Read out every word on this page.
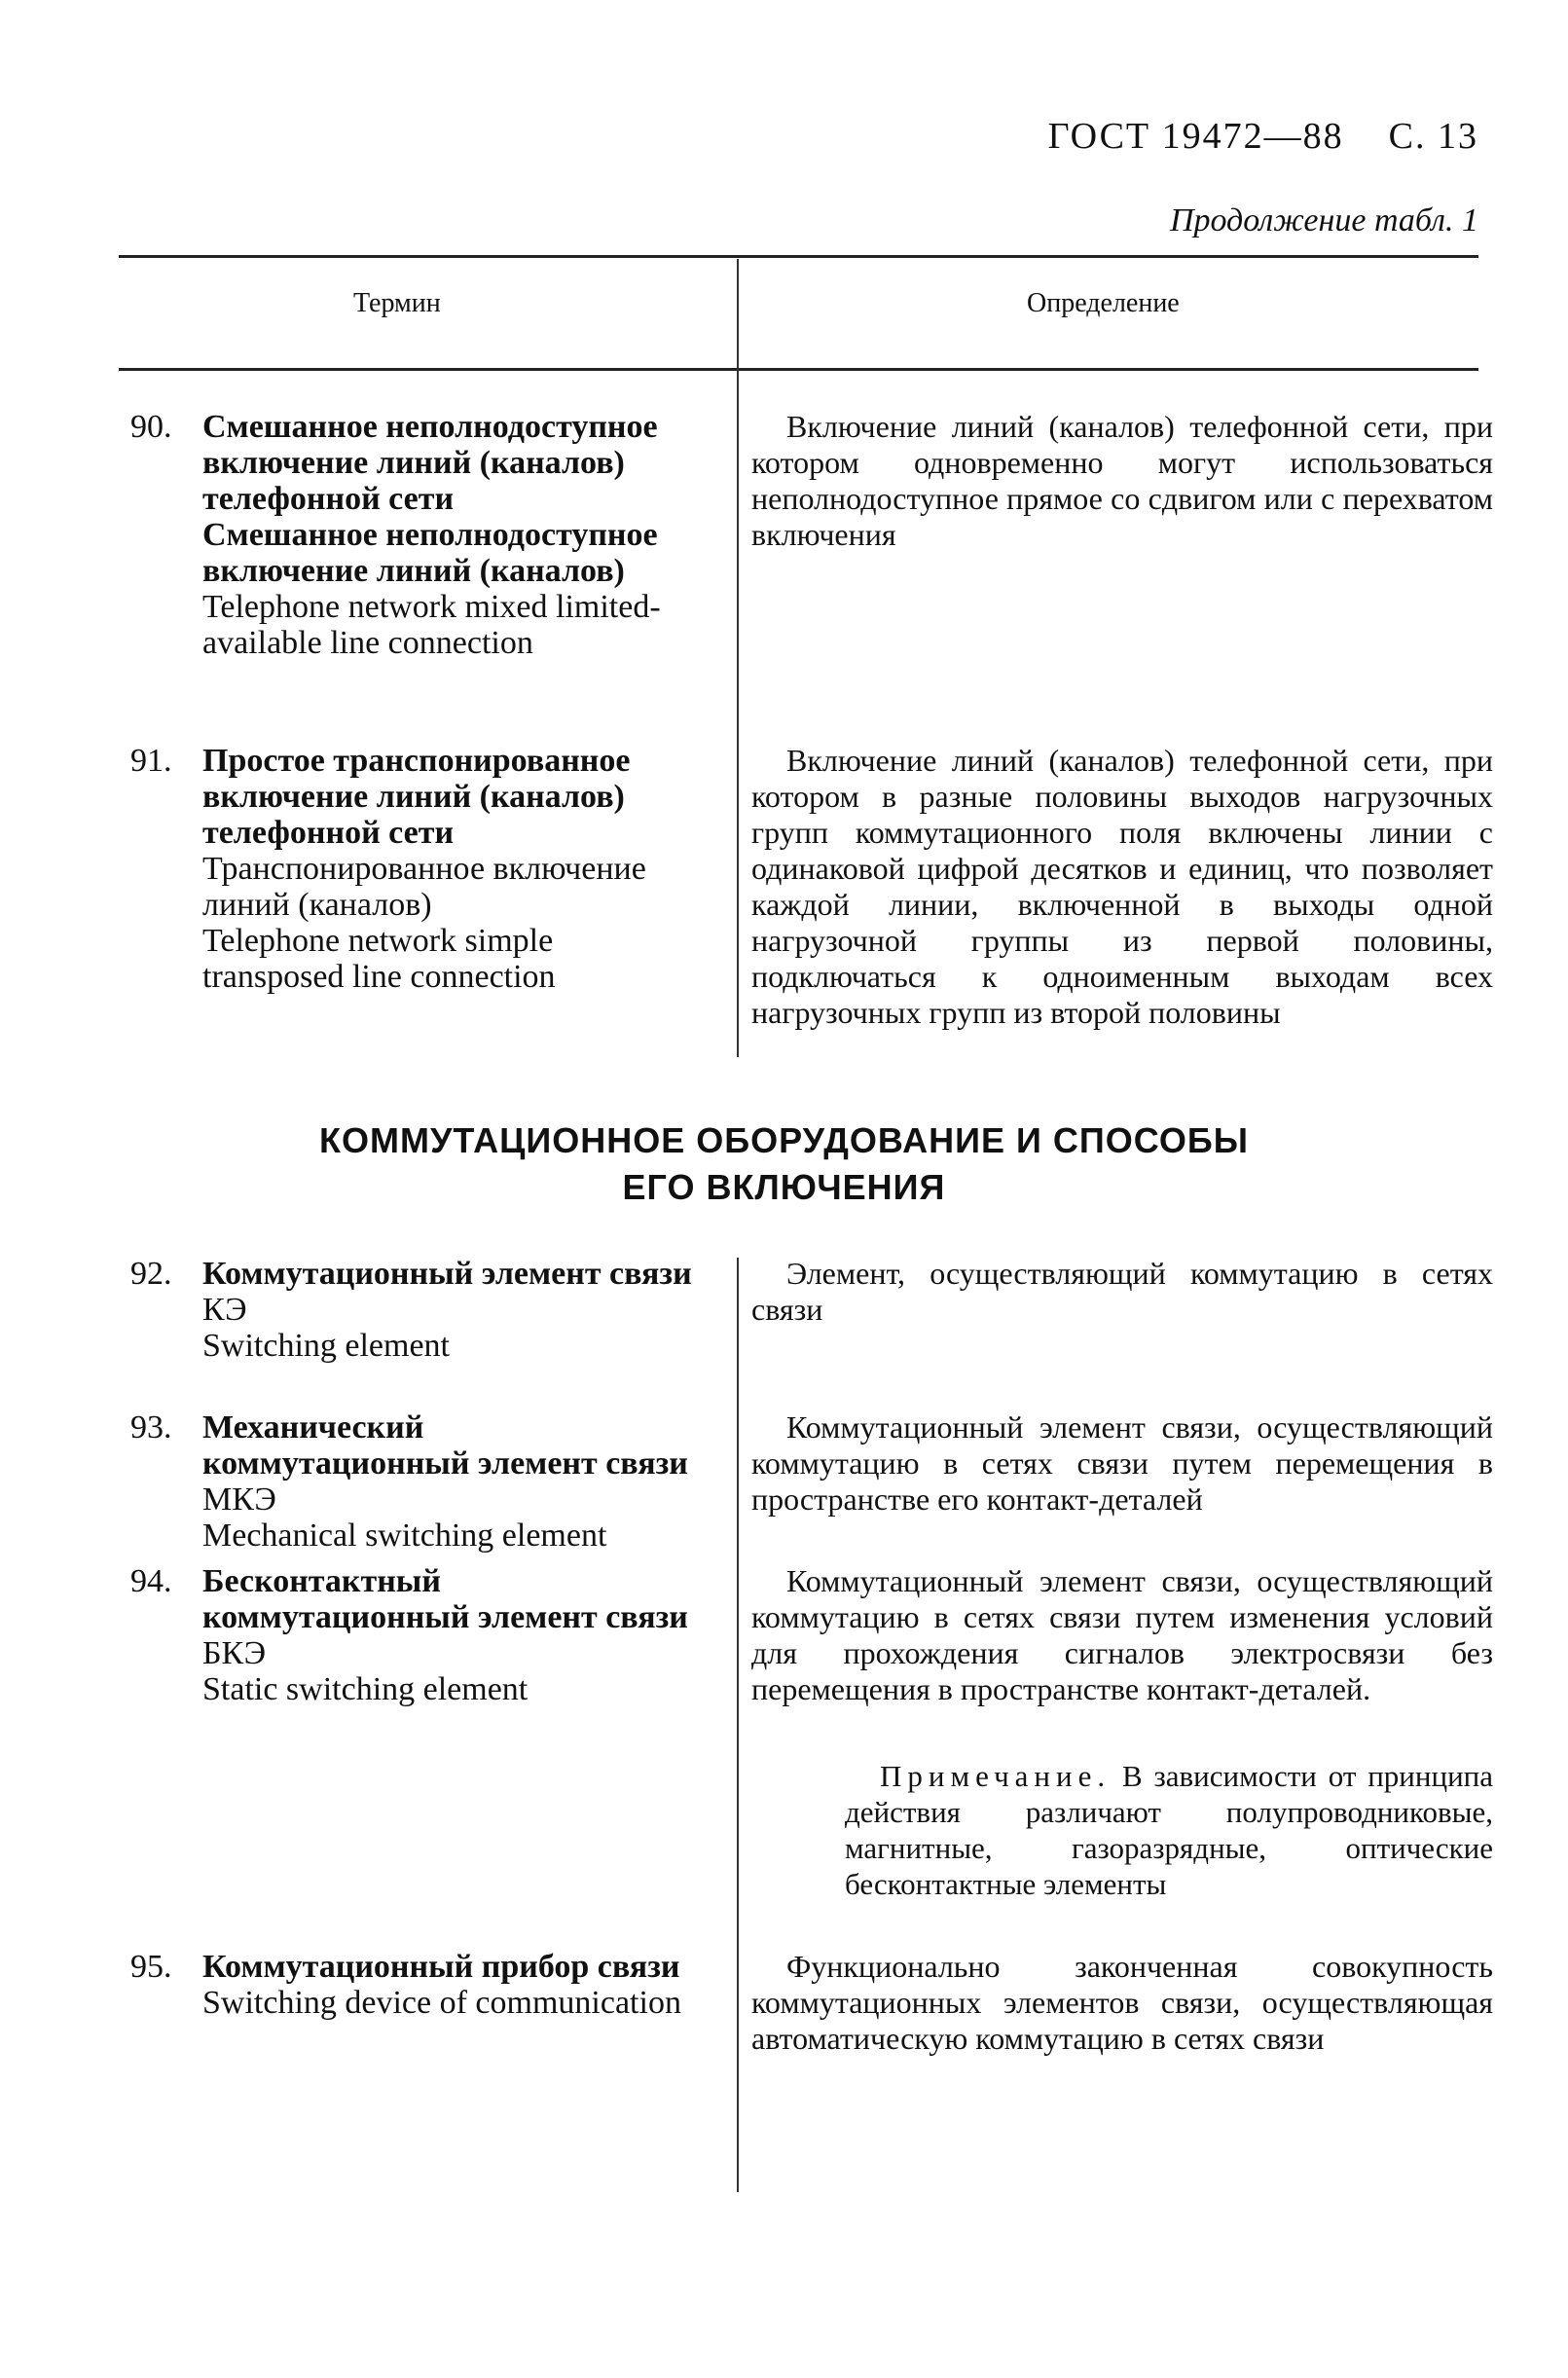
ГОСТ 19472—88 С. 13
Продолжение табл. 1
Термин	Определение
90. Смешанное неполнодоступное включение линий (каналов) телефонной сети
Смешанное неполнодоступное включение линий (каналов)
Telephone network mixed limited-available line connection
Включение линий (каналов) телефонной сети, при котором одновременно могут использоваться неполнодоступное прямое со сдвигом или с перехватом включения
91. Простое транспонированное включение линий (каналов) телефонной сети
Транспонированное включение линий (каналов)
Telephone network simple transposed line connection
Включение линий (каналов) телефонной сети, при котором в разные половины выходов нагрузочных групп коммутационного поля включены линии с одинаковой цифрой десятков и единиц, что позволяет каждой линии, включенной в выходы одной нагрузочной группы из первой половины, подключаться к одноименным выходам всех нагрузочных групп из второй половины
КОММУТАЦИОННОЕ ОБОРУДОВАНИЕ И СПОСОБЫ
ЕГО ВКЛЮЧЕНИЯ
92. Коммутационный элемент связи
КЭ
Switching element
Элемент, осуществляющий коммутацию в сетях связи
93. Механический коммутационный элемент связи
МКЭ
Mechanical switching element
Коммутационный элемент связи, осуществляющий коммутацию в сетях связи путем перемещения в пространстве его контакт-деталей
94. Бесконтактный коммутационный элемент связи
БКЭ
Static switching element
Коммутационный элемент связи, осуществляющий коммутацию в сетях связи путем изменения условий для прохождения сигналов электросвязи без перемещения в пространстве контакт-деталей.
Примечание. В зависимости от принципа действия различают полупроводниковые, магнитные, газоразрядные, оптические бесконтактные элементы
95. Коммутационный прибор связи
Switching device of communication
Функционально законченная совокупность коммутационных элементов связи, осуществляющая автоматическую коммутацию в сетях связи
